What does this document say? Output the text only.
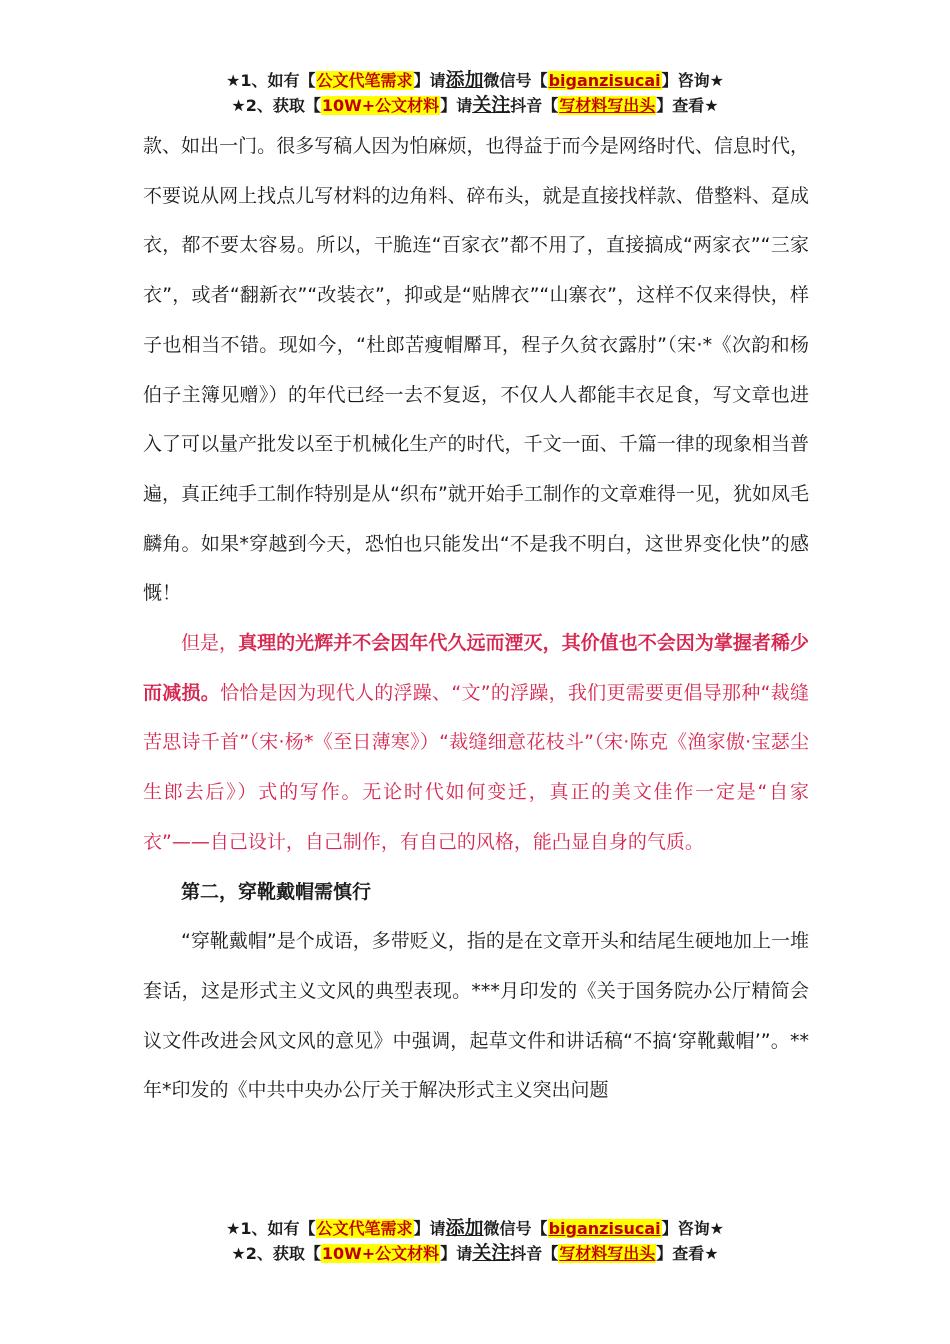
★1、如有【公文代笔需求】请添加微信号【biganzisucai】咨询★
★2、获取【10W+公文材料】请关注抖音【写材料写出头】查看★

款、如出一门。很多写稿人因为怕麻烦，也得益于而今是网络时代、信息时代，不要说从网上找点儿写材料的边角料、碎布头，就是直接找样款、借整料、趸成衣，都不要太容易。所以，干脆连“百家衣”都不用了，直接搞成“两家衣”“三家衣”，或者“翻新衣”“改装衣”，抑或是“贴牌衣”“山寨衣”，这样不仅来得快，样子也相当不错。现如今，“杜郎苦瘦帽厴耳，程子久贫衣露肘”（宋·*《次韵和杨伯子主簿见赠》）的年代已经一去不复返，不仅人人都能丰衣足食，写文章也进入了可以量产批发以至于机械化生产的时代，千文一面、千篇一律的现象相当普遍，真正纯手工制作特别是从“织布”就开始手工制作的文章难得一见，犹如凤毛麟角。如果*穿越到今天，恐怕也只能发出“不是我不明白，这世界变化快”的感慨！

但是，真理的光辉并不会因年代久远而湮灭，其价值也不会因为掌握者稀少而减损。恰恰是因为现代人的浮躁、“文”的浮躁，我们更需要更倡导那种“裁缝苦思诗千首”（宋·杨*《至日薄寒》）“裁缝细意花枝斗”（宋·陈克《渔家傲·宝瑟尘生郎去后》）式的写作。无论时代如何变迁，真正的美文佳作一定是“自家衣”——自己设计，自己制作，有自己的风格，能凸显自身的气质。

第二，穿靴戴帽需慎行

“穿靴戴帽”是个成语，多带贬义，指的是在文章开头和结尾生硬地加上一堆套话，这是形式主义文风的典型表现。***月印发的《关于国务院办公厅精简会议文件改进会风文风的意见》中强调，起草文件和讲话稿“不搞‘穿靴戴帽’”。**年*印发的《中共中央办公厅关于解决形式主义突出问题

★1、如有【公文代笔需求】请添加微信号【biganzisucai】咨询★
★2、获取【10W+公文材料】请关注抖音【写材料写出头】查看★
